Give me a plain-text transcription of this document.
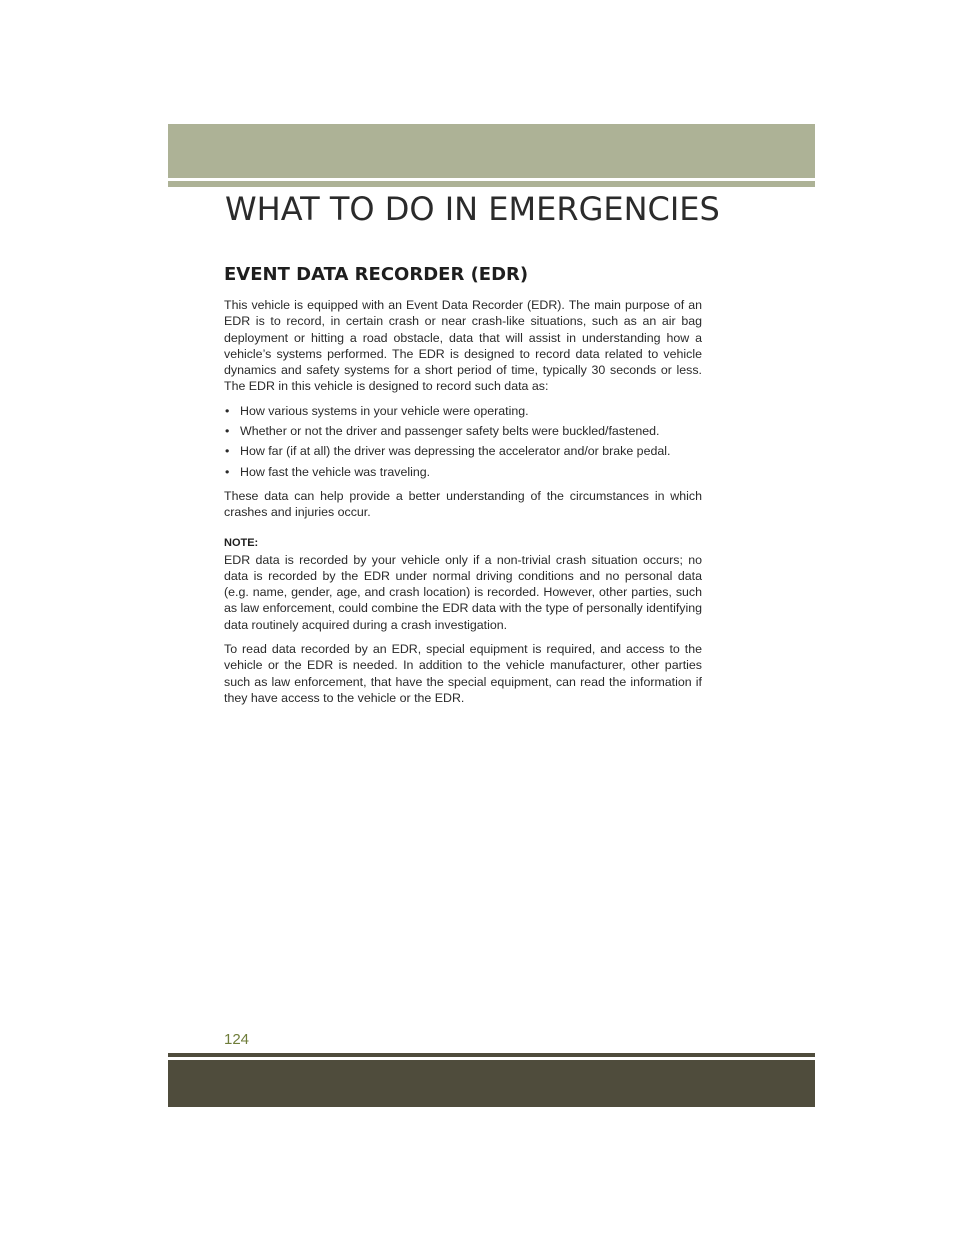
WHAT TO DO IN EMERGENCIES
EVENT DATA RECORDER (EDR)

This vehicle is equipped with an Event Data Recorder (EDR). The main purpose of an EDR is to record, in certain crash or near crash-like situations, such as an air bag deployment or hitting a road obstacle, data that will assist in understanding how a vehicle’s systems performed. The EDR is designed to record data related to vehicle dynamics and safety systems for a short period of time, typically 30 seconds or less. The EDR in this vehicle is designed to record such data as:

• How various systems in your vehicle were operating.
• Whether or not the driver and passenger safety belts were buckled/fastened.
• How far (if at all) the driver was depressing the accelerator and/or brake pedal.
• How fast the vehicle was traveling.

These data can help provide a better understanding of the circumstances in which crashes and injuries occur.

NOTE:

EDR data is recorded by your vehicle only if a non-trivial crash situation occurs; no data is recorded by the EDR under normal driving conditions and no personal data (e.g. name, gender, age, and crash location) is recorded. However, other parties, such as law enforcement, could combine the EDR data with the type of personally identifying data routinely acquired during a crash investigation.

To read data recorded by an EDR, special equipment is required, and access to the vehicle or the EDR is needed. In addition to the vehicle manufacturer, other parties such as law enforcement, that have the special equipment, can read the information if they have access to the vehicle or the EDR.

124
